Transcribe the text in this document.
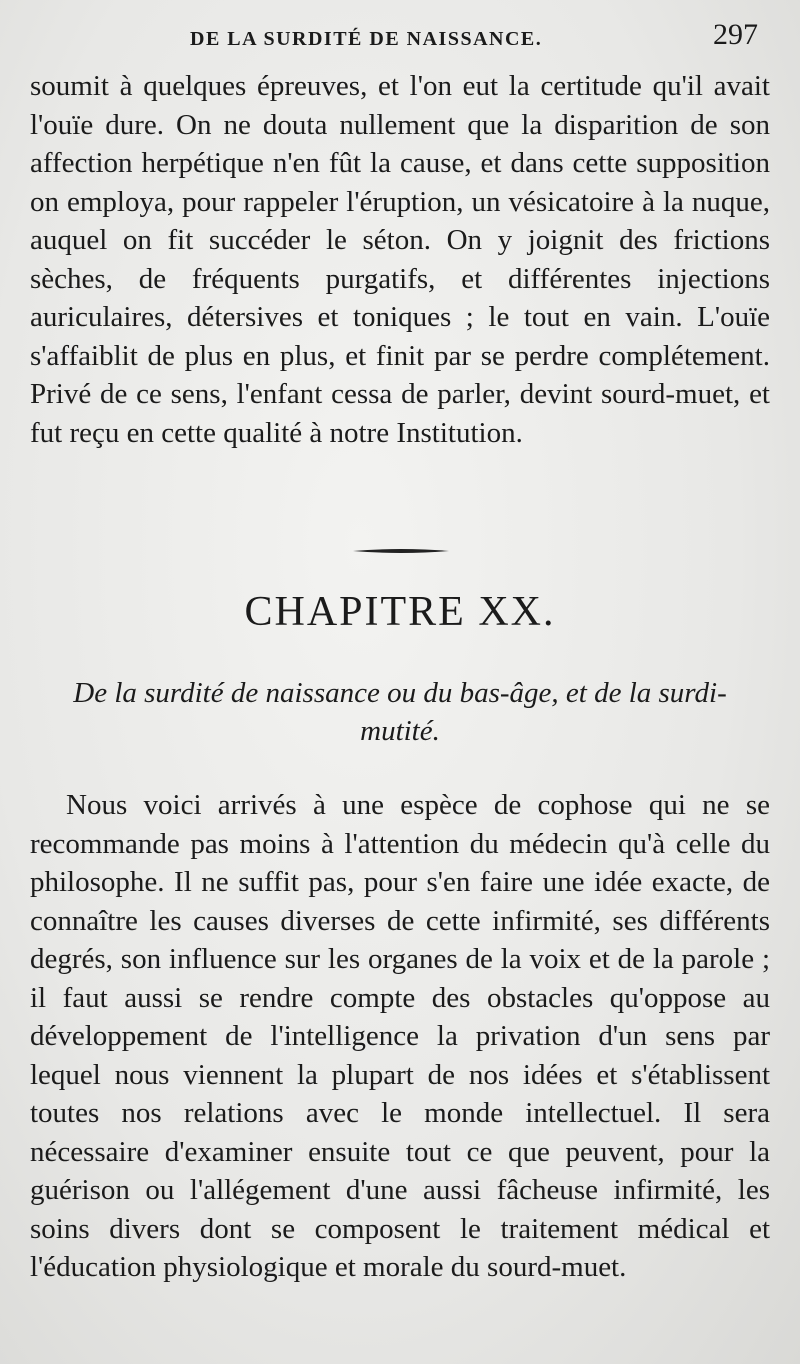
DE LA SURDITÉ DE NAISSANCE.	297

soumit à quelques épreuves, et l'on eut la certitude qu'il avait l'ouïe dure. On ne douta nullement que la disparition de son affection herpétique n'en fût la cause, et dans cette supposition on employa, pour rappeler l'éruption, un vésicatoire à la nuque, auquel on fit succéder le séton. On y joignit des frictions sèches, de fréquents purgatifs, et différentes injections auriculaires, détersives et toniques ; le tout en vain. L'ouïe s'affaiblit de plus en plus, et finit par se perdre complétement. Privé de ce sens, l'enfant cessa de parler, devint sourd-muet, et fut reçu en cette qualité à notre Institution.

CHAPITRE XX.
De la surdité de naissance ou du bas-âge, et de la surdi-mutité.

Nous voici arrivés à une espèce de cophose qui ne se recommande pas moins à l'attention du médecin qu'à celle du philosophe. Il ne suffit pas, pour s'en faire une idée exacte, de connaître les causes diverses de cette infirmité, ses différents degrés, son influence sur les organes de la voix et de la parole ; il faut aussi se rendre compte des obstacles qu'oppose au développement de l'intelligence la privation d'un sens par lequel nous viennent la plupart de nos idées et s'établissent toutes nos relations avec le monde intellectuel. Il sera nécessaire d'examiner ensuite tout ce que peuvent, pour la guérison ou l'allégement d'une aussi fâcheuse infirmité, les soins divers dont se composent le traitement médical et l'éducation physiologique et morale du sourd-muet.
